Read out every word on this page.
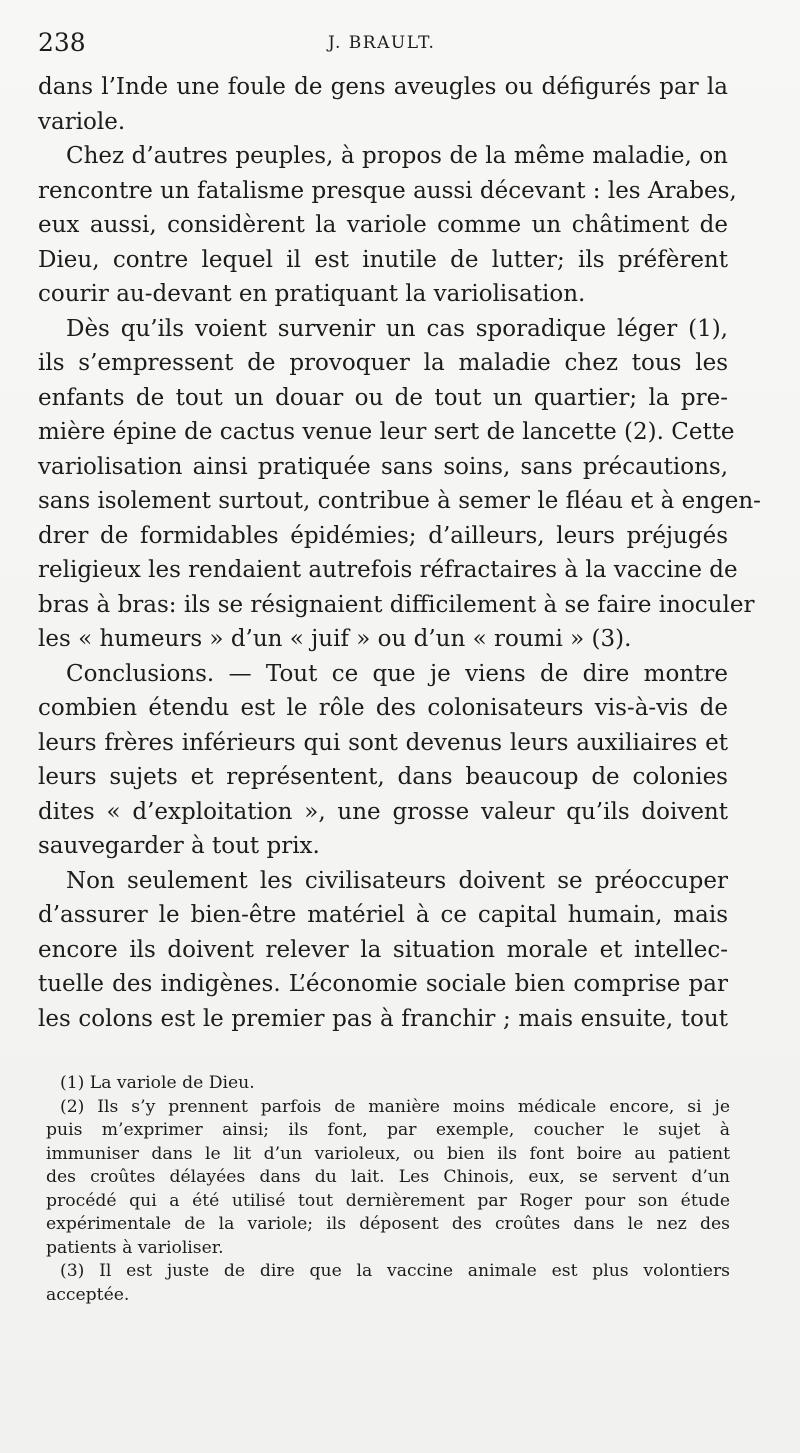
238	J. BRAULT.
dans l’Inde une foule de gens aveugles ou défigurés par la
variole.
Chez d’autres peuples, à propos de la même maladie, on
rencontre un fatalisme presque aussi décevant : les Arabes,
eux aussi, considèrent la variole comme un châtiment de
Dieu, contre lequel il est inutile de lutter; ils préfèrent
courir au-devant en pratiquant la variolisation.
Dès qu’ils voient survenir un cas sporadique léger (1),
ils s’empressent de provoquer la maladie chez tous les
enfants de tout un douar ou de tout un quartier; la pre-
mière épine de cactus venue leur sert de lancette (2). Cette
variolisation ainsi pratiquée sans soins, sans précautions,
sans isolement surtout, contribue à semer le fléau et à engen-
drer de formidables épidémies; d’ailleurs, leurs préjugés
religieux les rendaient autrefois réfractaires à la vaccine de
bras à bras: ils se résignaient difficilement à se faire inoculer
les « humeurs » d’un « juif » ou d’un « roumi » (3).
Conclusions. — Tout ce que je viens de dire montre
combien étendu est le rôle des colonisateurs vis-à-vis de
leurs frères inférieurs qui sont devenus leurs auxiliaires et
leurs sujets et représentent, dans beaucoup de colonies
dites « d’exploitation », une grosse valeur qu’ils doivent
sauvegarder à tout prix.
Non seulement les civilisateurs doivent se préoccuper
d’assurer le bien-être matériel à ce capital humain, mais
encore ils doivent relever la situation morale et intellec-
tuelle des indigènes. L’économie sociale bien comprise par
les colons est le premier pas à franchir ; mais ensuite, tout
(1) La variole de Dieu.
(2) Ils s’y prennent parfois de manière moins médicale encore, si je
puis m’exprimer ainsi; ils font, par exemple, coucher le sujet à
immuniser dans le lit d’un varioleux, ou bien ils font boire au patient
des croûtes délayées dans du lait. Les Chinois, eux, se servent d’un
procédé qui a été utilisé tout dernièrement par Roger pour son étude
expérimentale de la variole; ils déposent des croûtes dans le nez des
patients à varioliser.
(3) Il est juste de dire que la vaccine animale est plus volontiers
acceptée.
